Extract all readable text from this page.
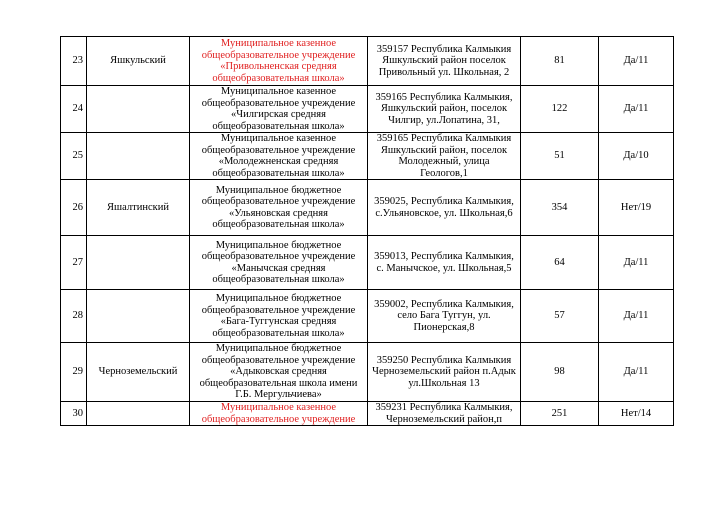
23	Яшкульский	Муниципальное казенное
общеобразовательное учреждение
«Привольненская средняя
общеобразовательная школа»	359157 Республика Калмыкия
Яшкульский район поселок
Привольный ул. Школьная, 2	81	Да/11
24		Муниципальное казенное
общеобразовательное учреждение
«Чилгирская средняя
общеобразовательная школа»	359165 Республика Калмыкия,
Яшкульский район, поселок
Чилгир, ул.Лопатина, 31,	122	Да/11
25		Муниципальное казенное
общеобразовательное учреждение
«Молодежненская средняя
общеобразовательная школа»	359165 Республика Калмыкия
Яшкульский район, поселок
Молодежный, улица
Геологов,1	51	Да/10
26	Яшалтинский	Муниципальное бюджетное
общеобразовательное учреждение
«Ульяновская средняя
общеобразовательная школа»	359025, Республика Калмыкия,
с.Ульяновское, ул. Школьная,6	354	Нет/19
27		Муниципальное бюджетное
общеобразовательное учреждение
«Манычская средняя
общеобразовательная школа»	359013, Республика Калмыкия,
с. Манычское, ул. Школьная,5	64	Да/11
28		Муниципальное бюджетное
общеобразовательное учреждение
«Бага-Туггунская средняя
общеобразовательная школа»	359002, Республика Калмыкия,
село Бага Туггун, ул.
Пионерская,8	57	Да/11
29	Черноземельский	Муниципальное бюджетное
общеобразовательное учреждение
«Адыковская средняя
общеобразовательная школа имени
Г.Б. Мергульчиева»	359250 Республика Калмыкия
Черноземельский район п.Адык
ул.Школьная 13	98	Да/11
30		Муниципальное казенное
общеобразовательное учреждение	359231 Республика Калмыкия,
Черноземельский район,п	251	Нет/14
